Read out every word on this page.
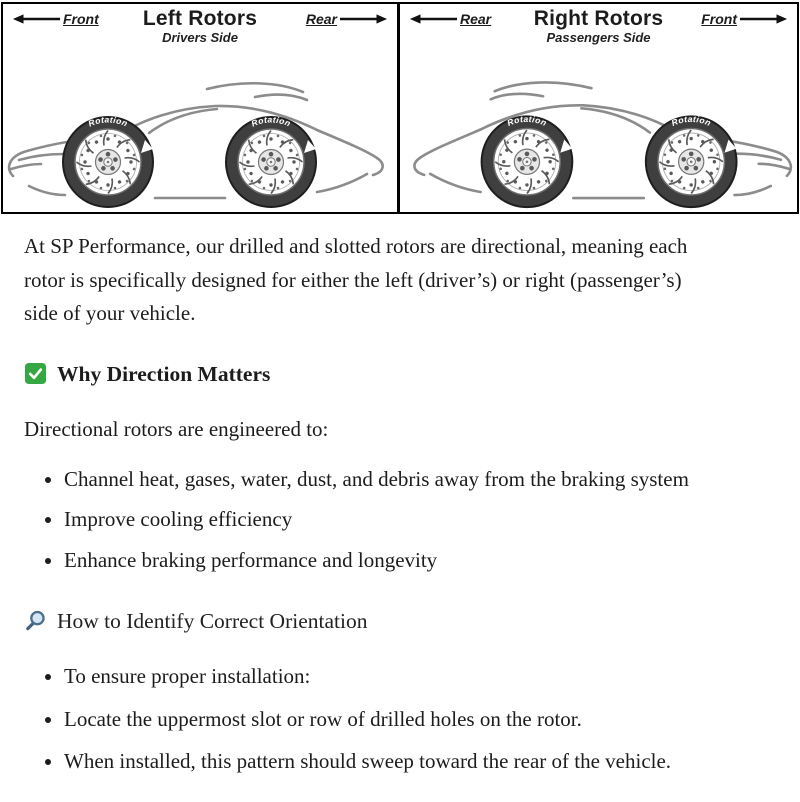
Front	Left Rotors
Drivers Side
Rear	Rear	Right Rotors
Passengers Side
Front

At SP Performance, our drilled and slotted rotors are directional, meaning each rotor is specifically designed for either the left (driver’s) or right (passenger’s) side of your vehicle.

Why Direction Matters

Directional rotors are engineered to:

• Channel heat, gases, water, dust, and debris away from the braking system
• Improve cooling efficiency
• Enhance braking performance and longevity
How to Identify Correct Orientation
• To ensure proper installation:
• Locate the uppermost slot or row of drilled holes on the rotor.
• When installed, this pattern should sweep toward the rear of the vehicle.
